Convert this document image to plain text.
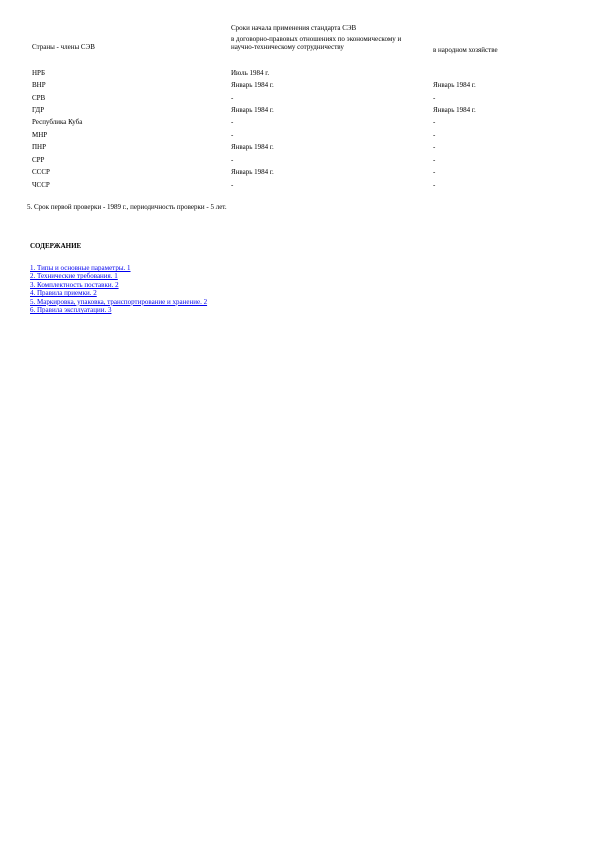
Сроки начала применения стандарта СЭВ
Страны - члены СЭВ
в договорно-правовых отношениях по экономическому и научно-техническому сотрудничеству	в народном хозяйстве
НРБ	Июль 1984 г.
ВНР	Январь 1984 г.	Январь 1984 г.
СРВ	-	-
ГДР	Январь 1984 г.	Январь 1984 г.
Республика Куба	-	-
МНР	-	-
ПНР	Январь 1984 г.	-
СРР	-	-
СССР	Январь 1984 г.	-
ЧССР	-	-
5. Срок первой проверки - 1989 г., периодичность проверки - 5 лет.
СОДЕРЖАНИЕ
1. Типы и основные параметры. 1
2. Технические требования. 1
3. Комплектность поставки. 2
4. Правила приемки. 2
5. Маркировка, упаковка, транспортирование и хранение. 2
6. Правила эксплуатации. 3
